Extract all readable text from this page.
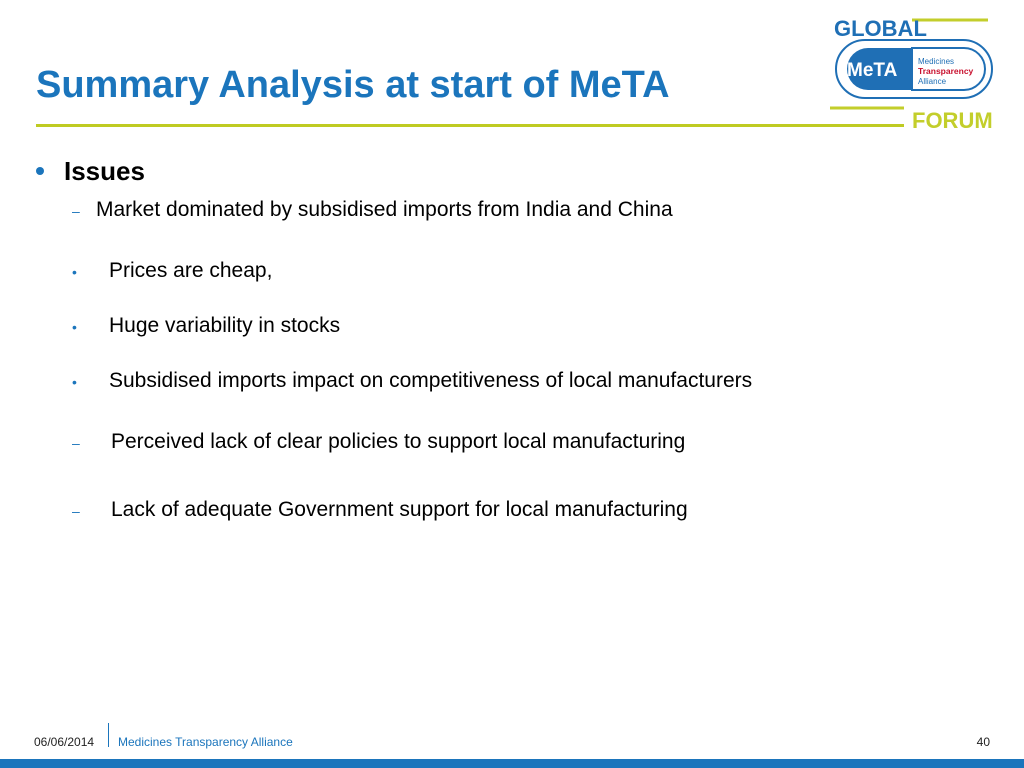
Summary Analysis at start of MeTA
GLOBAL
MeTA	Medicines
Transparency
Alliance
FORUM
Issues
– Market dominated by subsidised imports from India and China
• Prices are cheap,
• Huge variability in stocks
• Subsidised imports impact on competitiveness of local manufacturers
– Perceived lack of clear policies to support local manufacturing
– Lack of adequate Government support for local manufacturing
06/06/2014 Medicines Transparency Alliance	40
